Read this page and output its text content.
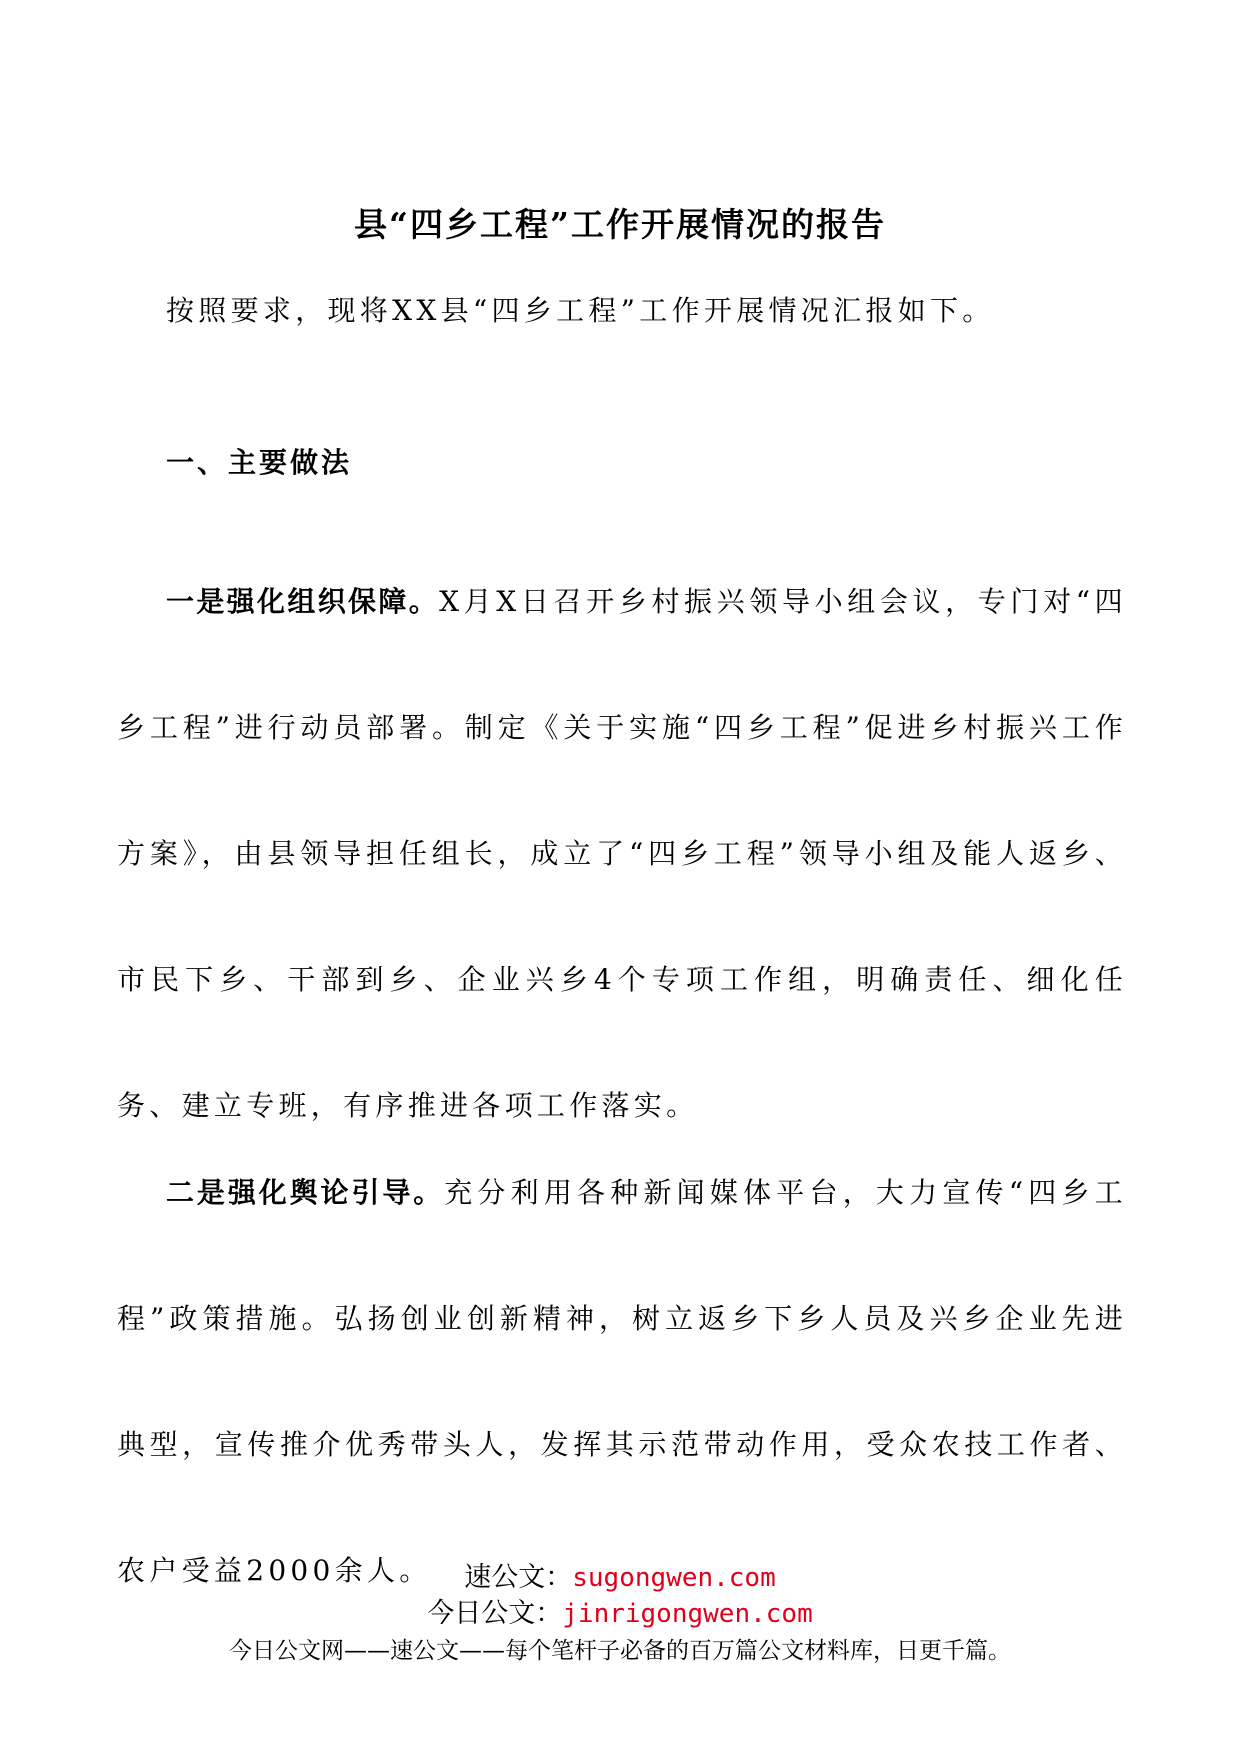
县“四乡工程”工作开展情况的报告

按照要求，现将XX县“四乡工程”工作开展情况汇报如下。

一、主要做法

一是强化组织保障。X月X日召开乡村振兴领导小组会议，专门对“四乡工程”进行动员部署。制定《关于实施“四乡工程”促进乡村振兴工作方案》，由县领导担任组长，成立了“四乡工程”领导小组及能人返乡、市民下乡、干部到乡、企业兴乡4个专项工作组，明确责任、细化任务、建立专班，有序推进各项工作落实。

二是强化舆论引导。充分利用各种新闻媒体平台，大力宣传“四乡工程”政策措施。弘扬创业创新精神，树立返乡下乡人员及兴乡企业先进典型，宣传推介优秀带头人，发挥其示范带动作用，受众农技工作者、农户受益2000余人。	速公文：sugongwen.com

今日公文：jinrigongwen.com

今日公文网——速公文——每个笔杆子必备的百万篇公文材料库，日更千篇。
